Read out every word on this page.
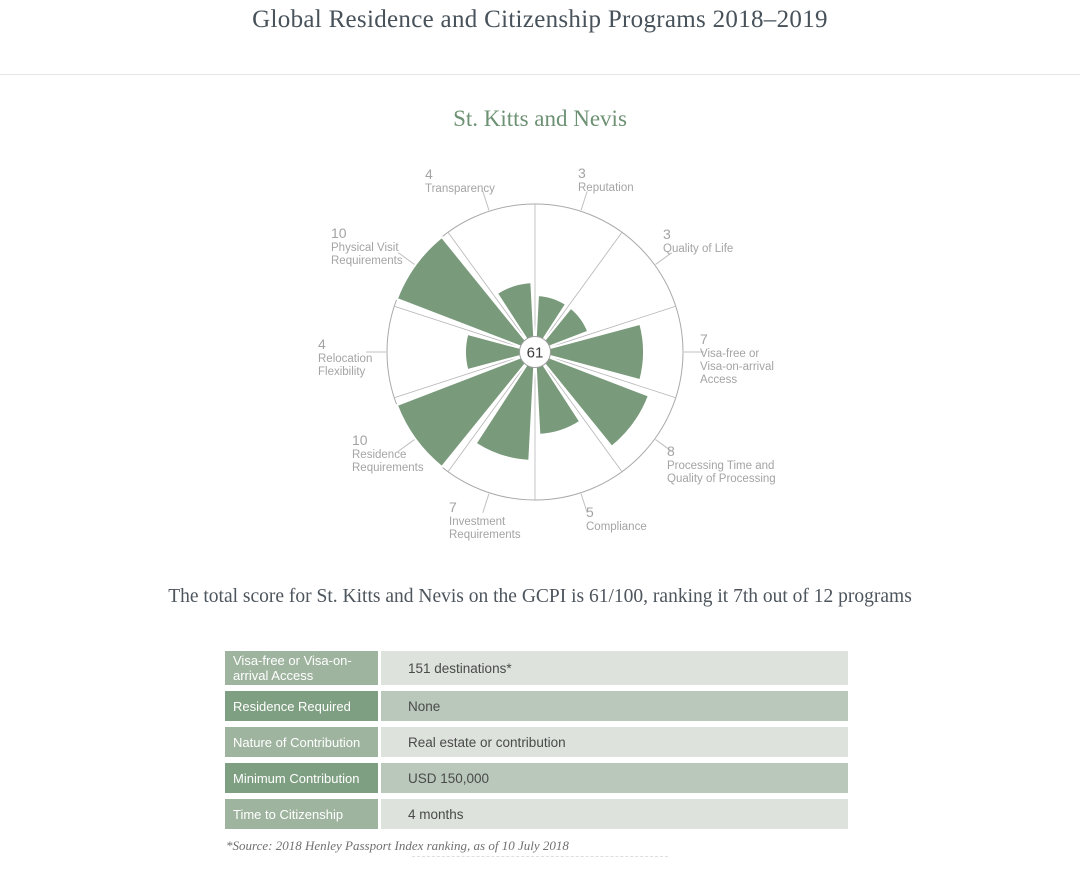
Global Residence and Citizenship Programs 2018–2019
St. Kitts and Nevis
61
3
Reputation
3
Quality of Life
7
Visa-free or
Visa-on-arrival
Access
8
Processing Time and
Quality of Processing
5
Compliance
7
Investment
Requirements
10
Residence
Requirements
4
Relocation
Flexibility
10
Physical Visit
Requirements
4
Transparency

The total score for St. Kitts and Nevis on the GCPI is 61/100, ranking it 7th out of 12 programs

Visa-free or Visa-on-arrival Access	151 destinations*
Residence Required	None
Nature of Contribution	Real estate or contribution
Minimum Contribution	USD 150,000
Time to Citizenship	4 months

*Source: 2018 Henley Passport Index ranking, as of 10 July 2018
